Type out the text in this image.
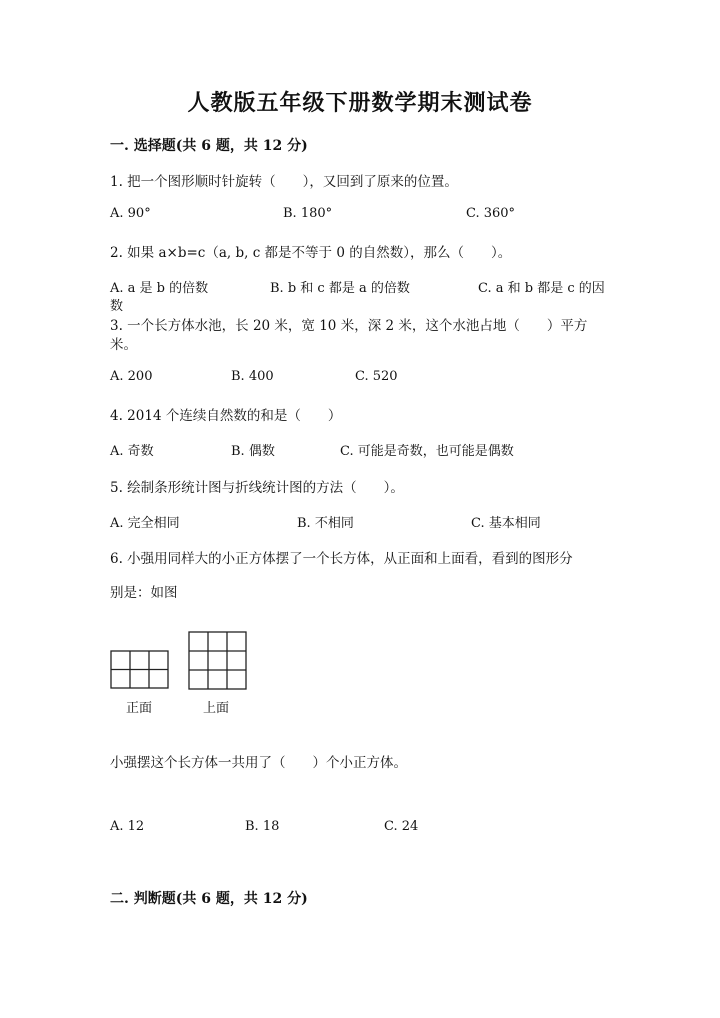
人教版五年级下册数学期末测试卷
一. 选择题(共 6 题，共 12 分)
1. 把一个图形顺时针旋转（　　），又回到了原来的位置。
A. 90°	B. 180°	C. 360°
2. 如果 a×b=c（a, b, c 都是不等于 0 的自然数），那么（　　）。
A. a 是 b 的倍数	B. b 和 c 都是 a 的倍数	C. a 和 b 都是 c 的因
数
3. 一个长方体水池，长 20 米，宽 10 米，深 2 米，这个水池占地（　　）平方
米。
A. 200	B. 400	C. 520
4. 2014 个连续自然数的和是（　　）
A. 奇数	B. 偶数	C. 可能是奇数，也可能是偶数
5. 绘制条形统计图与折线统计图的方法（　　）。
A. 完全相同	B. 不相同	C. 基本相同
6. 小强用同样大的小正方体摆了一个长方体，从正面和上面看，看到的图形分
别是：如图
正面	上面
小强摆这个长方体一共用了（　　）个小正方体。
A. 12	B. 18	C. 24
二. 判断题(共 6 题，共 12 分)
